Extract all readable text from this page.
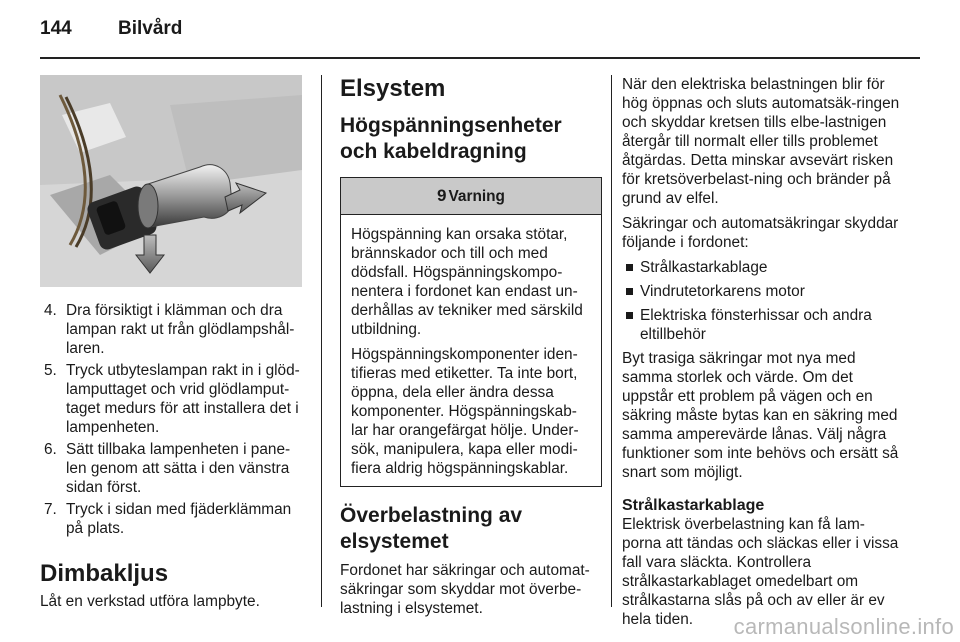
144 Bilvård
4. Dra försiktigt i klämman och dra lampan rakt ut från glödlampshål-laren.
5. Tryck utbyteslampan rakt in i glöd-lamputtaget och vrid glödlamput-taget medurs för att installera det i lampenheten.
6. Sätt tillbaka lampenheten i pane-len genom att sätta i den vänstra sidan först.
7. Tryck i sidan med fjäderklämman på plats.
Dimbakljus

Låt en verkstad utföra lampbyte.

Elsystem
Högspänningsenheter och kabeldragning
9 Varning

Högspänning kan orsaka stötar, brännskador och till och med dödsfall. Högspänningskompo-nentera i fordonet kan endast un-derhållas av tekniker med särskild utbildning.

Högspänningskomponenter iden-tifieras med etiketter. Ta inte bort, öppna, dela eller ändra dessa komponenter. Högspänningskab-lar har orangefärgat hölje. Under-sök, manipulera, kapa eller modi-fiera aldrig högspänningskablar.

Överbelastning av elsystemet

Fordonet har säkringar och automat-säkringar som skyddar mot överbe-lastning i elsystemet.

När den elektriska belastningen blir för hög öppnas och sluts automatsäk-ringen och skyddar kretsen tills elbe-lastnigen återgår till normalt eller tills problemet åtgärdas. Detta minskar avsevärt risken för kretsöverbelast-ning och bränder på grund av elfel.

Säkringar och automatsäkringar skyddar följande i fordonet:

Strålkastarkablage
Vindrutetorkarens motor
Elektriska fönsterhissar och andra eltillbehör

Byt trasiga säkringar mot nya med samma storlek och värde. Om det uppstår ett problem på vägen och en säkring måste bytas kan en säkring med samma amperevärde lånas. Välj några funktioner som inte behövs och ersätt så snart som möjligt.

Strålkastarkablage

Elektrisk överbelastning kan få lam-porna att tändas och släckas eller i vissa fall vara släckta. Kontrollera strålkastarkablaget omedelbart om strålkastarna slås på och av eller är ev hela tiden.	carmanualsonline.info
